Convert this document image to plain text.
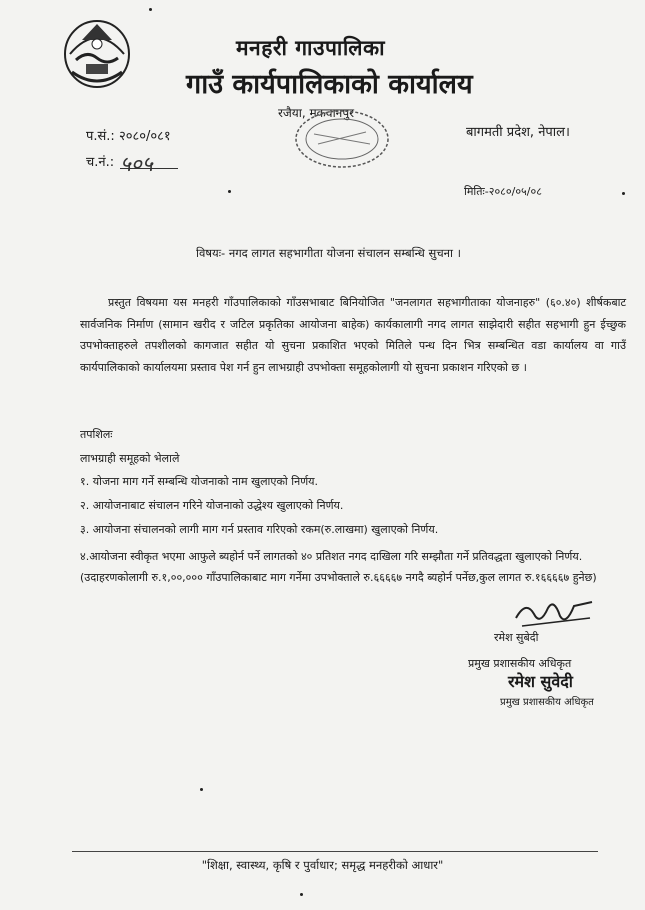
मनहरी गाउपालिका
गाउँ कार्यपालिकाको कार्यालय
रजैया, मकवानपुर
बागमती प्रदेश, नेपाल।
प.सं.: २०८०/०८१
च.नं.: ५०५
मितिः-२०८०/०५/०८
विषयः- नगद लागत सहभागीता योजना संचालन सम्बन्धि सुचना ।

प्रस्तुत विषयमा यस मनहरी गाँउपालिकाको गाँउसभाबाट बिनियोजित "जनलागत सहभागीताका योजनाहरु" (६०.४०) शीर्षकबाट सार्वजनिक निर्माण (सामान खरीद र जटिल प्रकृतिका आयोजना बाहेक) कार्यकालागी नगद लागत साझेदारी सहीत सहभागी हुन ईच्छुक उपभोक्ताहरुले तपशीलको कागजात सहीत यो सुचना प्रकाशित भएको मितिले पन्ध दिन भित्र सम्बन्धित वडा कार्यालय वा गाउँ कार्यपालिकाको कार्यालयमा प्रस्ताव पेश गर्न हुन लाभग्राही उपभोक्ता समूहकोलागी यो सुचना प्रकाशन गरिएको छ ।

तपशिलः
लाभग्राही समूहको भेलाले
१. योजना माग गर्ने सम्बन्धि योजनाको नाम खुलाएको निर्णय.
२. आयोजनाबाट संचालन गरिने योजनाको उद्धेश्य खुलाएको निर्णय.
३. आयोजना संचालनको लागी माग गर्न प्रस्ताव गरिएको रकम(रु.लाखमा) खुलाएको निर्णय.
४.आयोजना स्वीकृत भएमा आफुले ब्यहोर्न पर्ने लागतको ४० प्रतिशत नगद दाखिला गरि सम्झौता गर्ने प्रतिवद्धता खुलाएको निर्णय.(उदाहरणकोलागी रु.१,००,००० गाँउपालिकाबाट माग गर्नेमा उपभोक्ताले रु.६६६६७ नगदै ब्यहोर्न पर्नेछ,कुल लागत रु.१६६६६७ हुनेछ)
रमेश सुबेदी
प्रमुख प्रशासकीय अधिकृत
रमेश सुवेदी
प्रमुख प्रशासकीय अधिकृत
"शिक्षा, स्वास्थ्य, कृषि र पुर्वाधार; समृद्ध मनहरीको आधार"
